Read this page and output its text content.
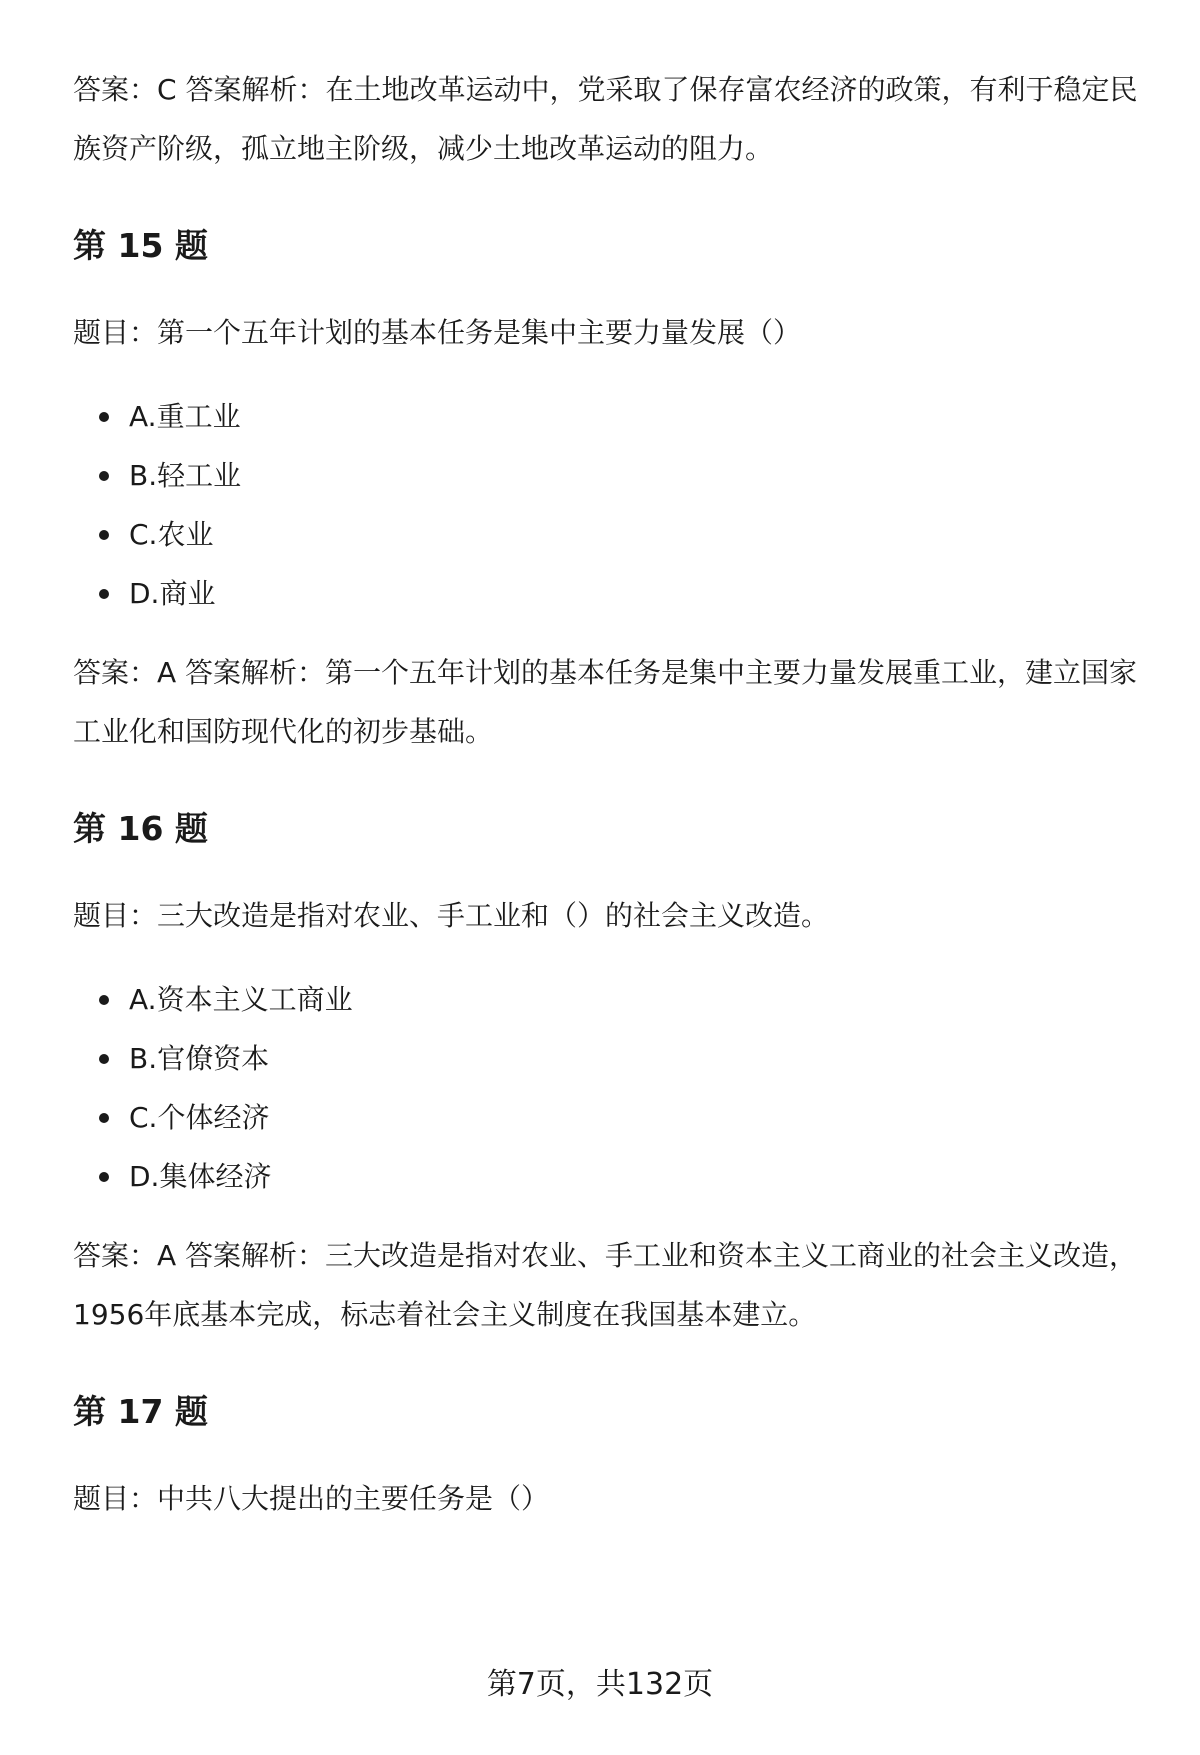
答案：C 答案解析：在土地改革运动中，党采取了保存富农经济的政策，有利于稳定民族资产阶级，孤立地主阶级，减少土地改革运动的阻力。

第 15 题

题目：第一个五年计划的基本任务是集中主要力量发展（）

A.重工业
B.轻工业
C.农业
D.商业

答案：A 答案解析：第一个五年计划的基本任务是集中主要力量发展重工业，建立国家工业化和国防现代化的初步基础。

第 16 题

题目：三大改造是指对农业、手工业和（）的社会主义改造。

A.资本主义工商业
B.官僚资本
C.个体经济
D.集体经济

答案：A 答案解析：三大改造是指对农业、手工业和资本主义工商业的社会主义改造，1956年底基本完成，标志着社会主义制度在我国基本建立。

第 17 题

题目：中共八大提出的主要任务是（）

第7页，共132页
